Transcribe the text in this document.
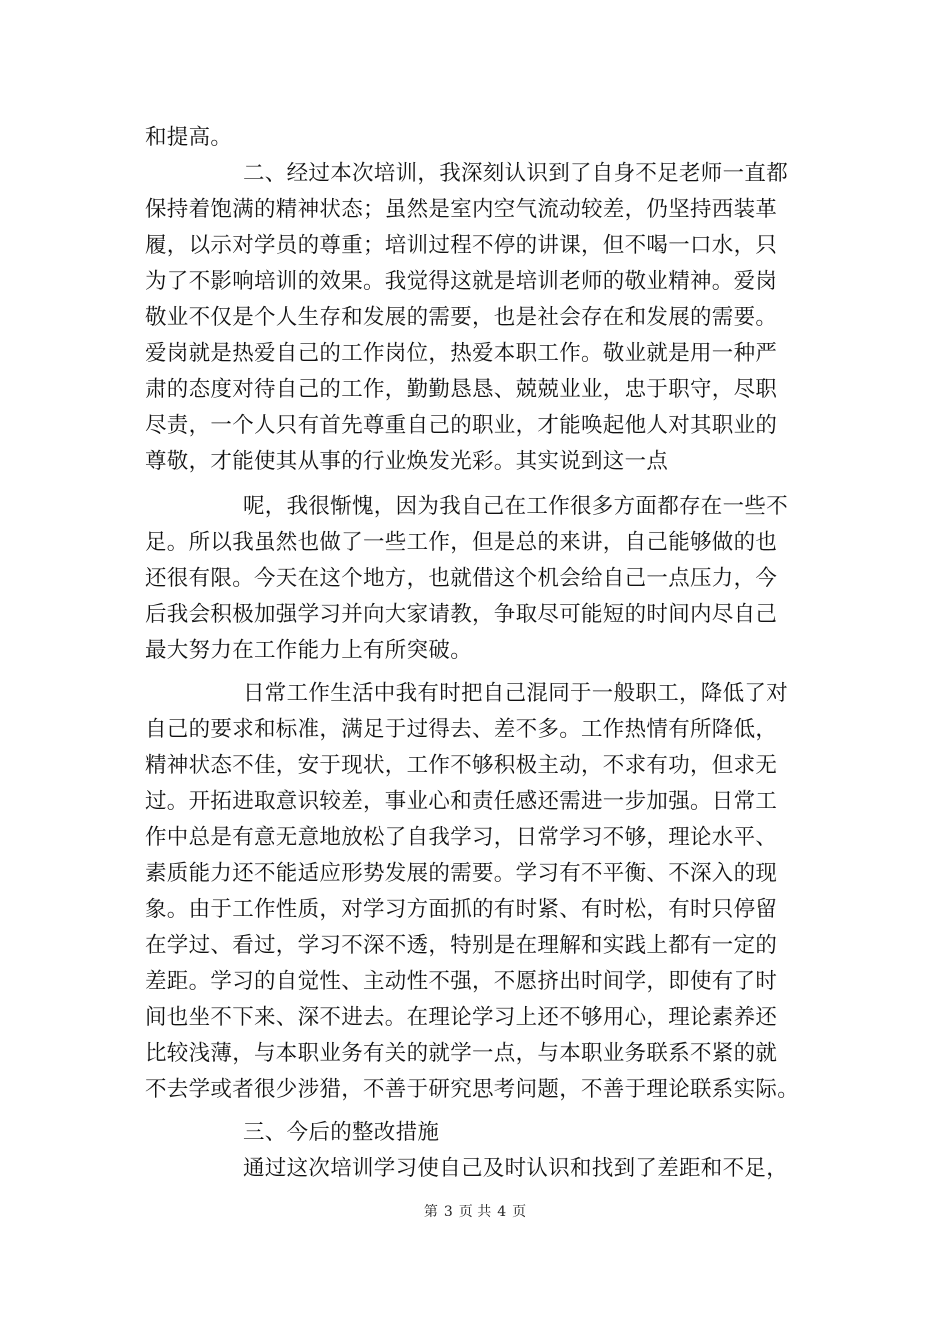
和提高。
二、经过本次培训，我深刻认识到了自身不足老师一直都
保持着饱满的精神状态；虽然是室内空气流动较差，仍坚持西装革
履，以示对学员的尊重；培训过程不停的讲课，但不喝一口水，只
为了不影响培训的效果。我觉得这就是培训老师的敬业精神。爱岗
敬业不仅是个人生存和发展的需要，也是社会存在和发展的需要。
爱岗就是热爱自己的工作岗位，热爱本职工作。敬业就是用一种严
肃的态度对待自己的工作，勤勤恳恳、兢兢业业，忠于职守，尽职
尽责，一个人只有首先尊重自己的职业，才能唤起他人对其职业的
尊敬，才能使其从事的行业焕发光彩。其实说到这一点
呢，我很惭愧，因为我自己在工作很多方面都存在一些不
足。所以我虽然也做了一些工作，但是总的来讲，自己能够做的也
还很有限。今天在这个地方，也就借这个机会给自己一点压力，今
后我会积极加强学习并向大家请教，争取尽可能短的时间内尽自己
最大努力在工作能力上有所突破。
日常工作生活中我有时把自己混同于一般职工，降低了对
自己的要求和标准，满足于过得去、差不多。工作热情有所降低，
精神状态不佳，安于现状，工作不够积极主动，不求有功，但求无
过。开拓进取意识较差，事业心和责任感还需进一步加强。日常工
作中总是有意无意地放松了自我学习，日常学习不够，理论水平、
素质能力还不能适应形势发展的需要。学习有不平衡、不深入的现
象。由于工作性质，对学习方面抓的有时紧、有时松，有时只停留
在学过、看过，学习不深不透，特别是在理解和实践上都有一定的
差距。学习的自觉性、主动性不强，不愿挤出时间学，即使有了时
间也坐不下来、深不进去。在理论学习上还不够用心，理论素养还
比较浅薄，与本职业务有关的就学一点，与本职业务联系不紧的就
不去学或者很少涉猎，不善于研究思考问题，不善于理论联系实际。
三、今后的整改措施
通过这次培训学习使自己及时认识和找到了差距和不足，
第 3 页 共 4 页
